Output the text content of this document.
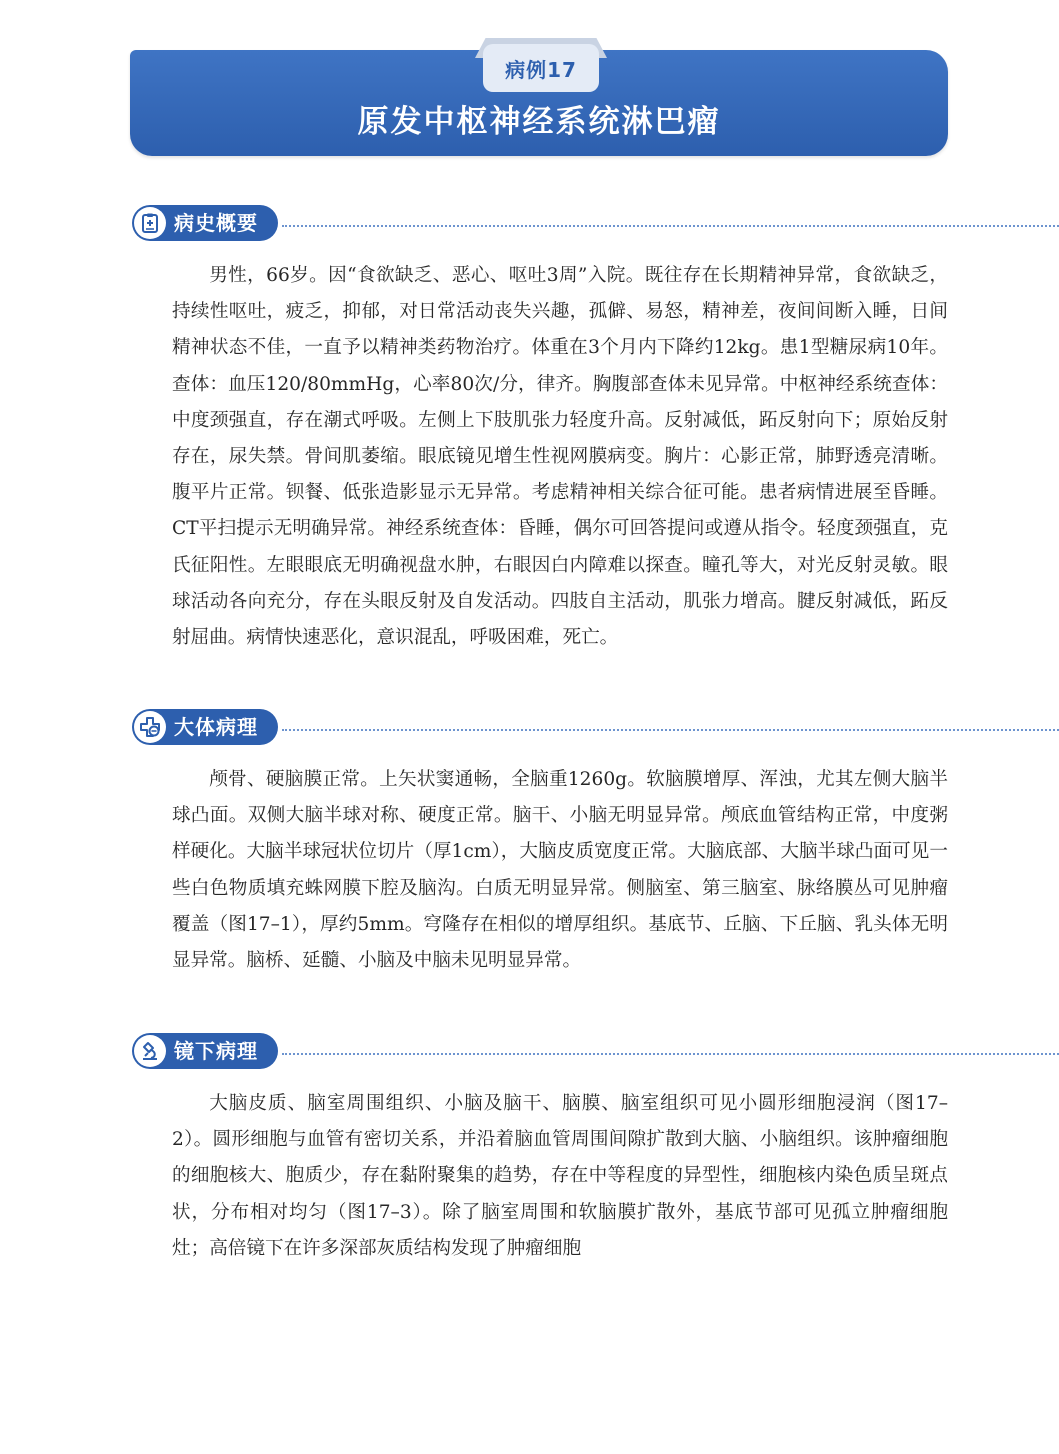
病例17
原发中枢神经系统淋巴瘤
病史概要

男性，66岁。因“食欲缺乏、恶心、呕吐3周”入院。既往存在长期精神异常，食欲缺乏，持续性呕吐，疲乏，抑郁，对日常活动丧失兴趣，孤僻、易怒，精神差，夜间间断入睡，日间精神状态不佳，一直予以精神类药物治疗。体重在3个月内下降约12kg。患1型糖尿病10年。查体：血压120/80mmHg，心率80次/分，律齐。胸腹部查体未见异常。中枢神经系统查体：中度颈强直，存在潮式呼吸。左侧上下肢肌张力轻度升高。反射减低，跖反射向下；原始反射存在，尿失禁。骨间肌萎缩。眼底镜见增生性视网膜病变。胸片：心影正常，肺野透亮清晰。腹平片正常。钡餐、低张造影显示无异常。考虑精神相关综合征可能。患者病情进展至昏睡。CT平扫提示无明确异常。神经系统查体：昏睡，偶尔可回答提问或遵从指令。轻度颈强直，克氏征阳性。左眼眼底无明确视盘水肿，右眼因白内障难以探查。瞳孔等大，对光反射灵敏。眼球活动各向充分，存在头眼反射及自发活动。四肢自主活动，肌张力增高。腱反射减低，跖反射屈曲。病情快速恶化，意识混乱，呼吸困难，死亡。

大体病理

颅骨、硬脑膜正常。上矢状窦通畅，全脑重1260g。软脑膜增厚、浑浊，尤其左侧大脑半球凸面。双侧大脑半球对称、硬度正常。脑干、小脑无明显异常。颅底血管结构正常，中度粥样硬化。大脑半球冠状位切片（厚1cm），大脑皮质宽度正常。大脑底部、大脑半球凸面可见一些白色物质填充蛛网膜下腔及脑沟。白质无明显异常。侧脑室、第三脑室、脉络膜丛可见肿瘤覆盖（图17–1），厚约5mm。穹隆存在相似的增厚组织。基底节、丘脑、下丘脑、乳头体无明显异常。脑桥、延髓、小脑及中脑未见明显异常。

镜下病理

大脑皮质、脑室周围组织、小脑及脑干、脑膜、脑室组织可见小圆形细胞浸润（图17–2）。圆形细胞与血管有密切关系，并沿着脑血管周围间隙扩散到大脑、小脑组织。该肿瘤细胞的细胞核大、胞质少，存在黏附聚集的趋势，存在中等程度的异型性，细胞核内染色质呈斑点状，分布相对均匀（图17–3）。除了脑室周围和软脑膜扩散外，基底节部可见孤立肿瘤细胞灶；高倍镜下在许多深部灰质结构发现了肿瘤细胞
